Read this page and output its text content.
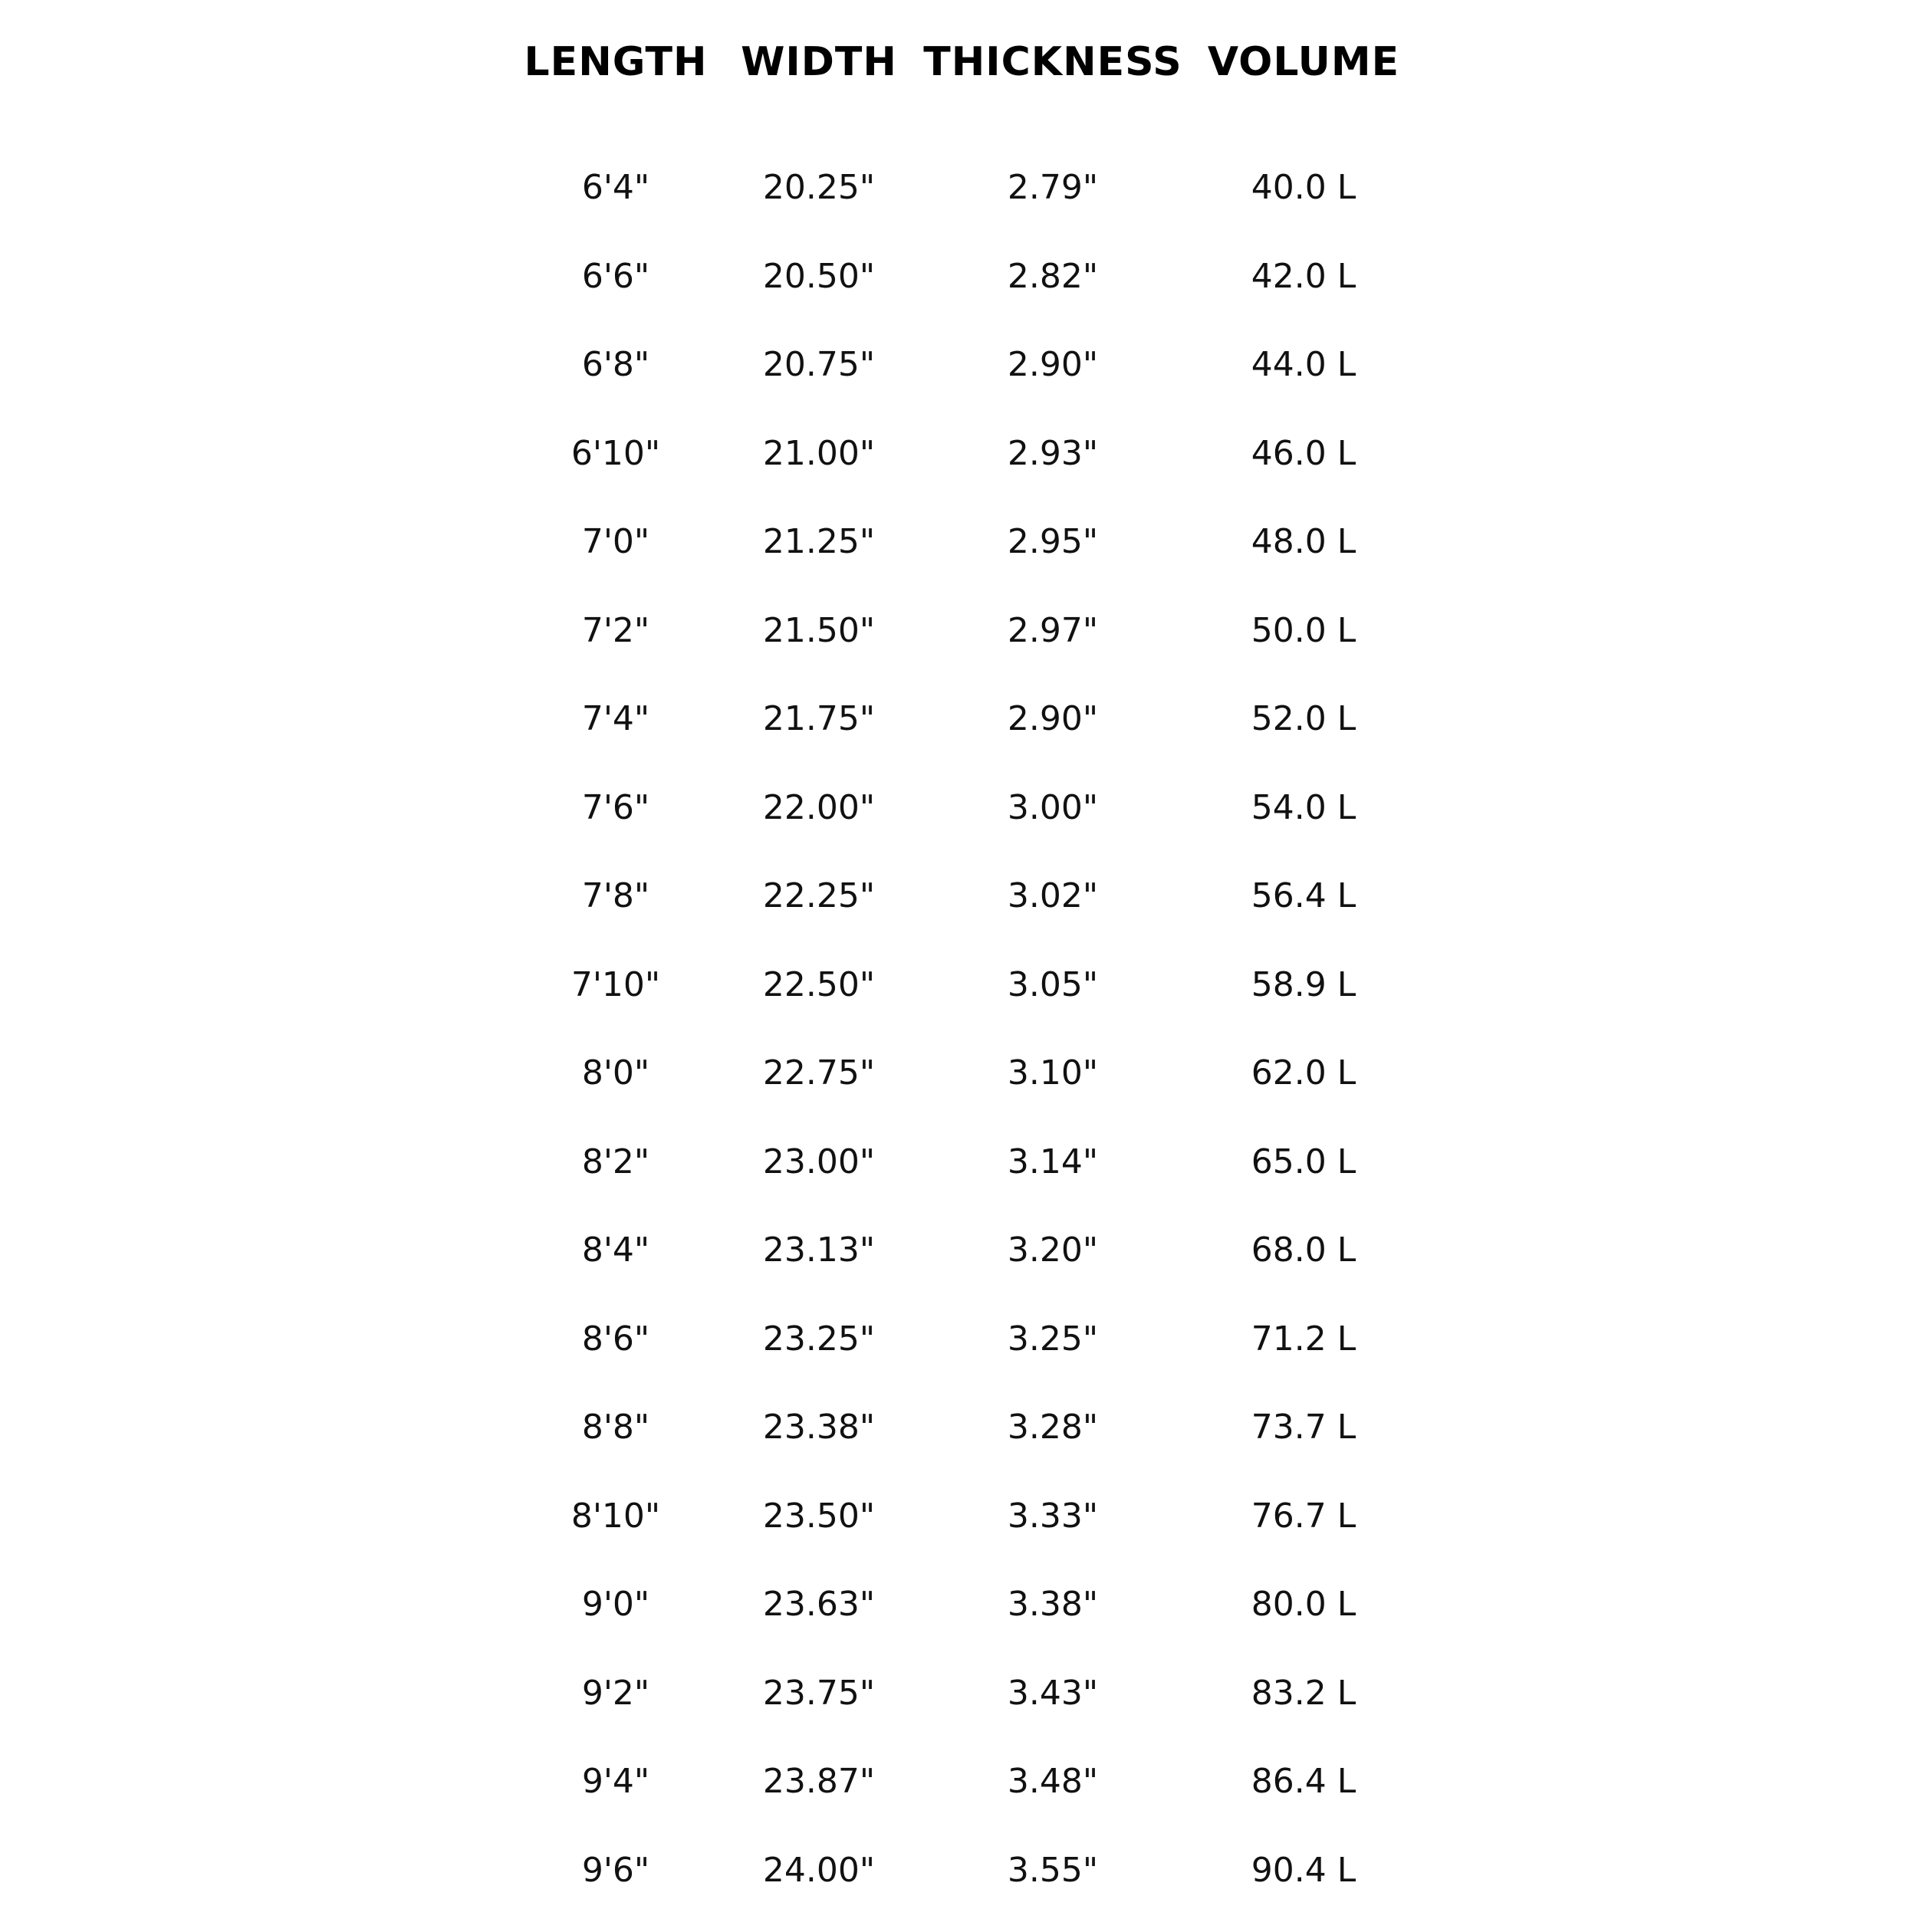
LENGTH WIDTH THICKNESS VOLUME
6'4"	20.25"	2.79"	40.0 L
6'6"	20.50"	2.82"	42.0 L
6'8"	20.75"	2.90"	44.0 L
6'10"	21.00"	2.93"	46.0 L
7'0"	21.25"	2.95"	48.0 L
7'2"	21.50"	2.97"	50.0 L
7'4"	21.75"	2.90"	52.0 L
7'6"	22.00"	3.00"	54.0 L
7'8"	22.25"	3.02"	56.4 L
7'10"	22.50"	3.05"	58.9 L
8'0"	22.75"	3.10"	62.0 L
8'2"	23.00"	3.14"	65.0 L
8'4"	23.13"	3.20"	68.0 L
8'6"	23.25"	3.25"	71.2 L
8'8"	23.38"	3.28"	73.7 L
8'10"	23.50"	3.33"	76.7 L
9'0"	23.63"	3.38"	80.0 L
9'2"	23.75"	3.43"	83.2 L
9'4"	23.87"	3.48"	86.4 L
9'6"	24.00"	3.55"	90.4 L
